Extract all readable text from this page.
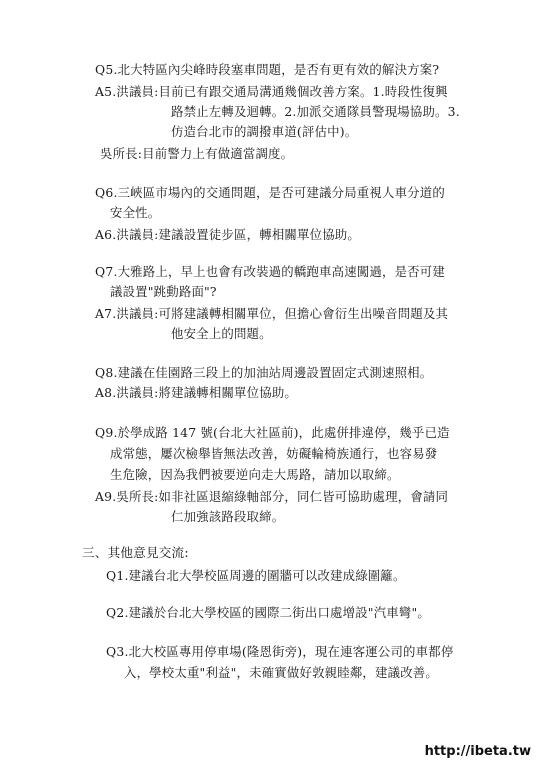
Q5.北大特區內尖峰時段塞車問題，是否有更有效的解決方案?
A5.洪議員:目前已有跟交通局溝通幾個改善方案。1.時段性復興
路禁止左轉及迴轉。2.加派交通隊員警現場協助。3.
仿造台北市的調撥車道(評估中)。
吳所長:目前警力上有做適當調度。
Q6.三峽區市場內的交通問題，是否可建議分局重視人車分道的
安全性。
A6.洪議員:建議設置徒步區，轉相關單位協助。
Q7.大雅路上，早上也會有改裝過的轎跑車高速闖過，是否可建
議設置"跳動路面"?
A7.洪議員:可將建議轉相關單位，但擔心會衍生出噪音問題及其
他安全上的問題。
Q8.建議在佳園路三段上的加油站周邊設置固定式測速照相。
A8.洪議員:將建議轉相關單位協助。
Q9.於學成路 147 號(台北大社區前)，此處併排違停，幾乎已造
成常態，屢次檢舉皆無法改善，妨礙輪椅族通行，也容易發
生危險，因為我們被要逆向走大馬路，請加以取締。
A9.吳所長:如非社區退縮綠軸部分，同仁皆可協助處理，會請同
仁加強該路段取締。
三、其他意見交流:
Q1.建議台北大學校區周邊的圍牆可以改建成綠圍籬。
Q2.建議於台北大學校區的國際二街出口處增設"汽車彎"。
Q3.北大校區專用停車場(隆恩街旁)，現在連客運公司的車都停
入，學校太重"利益"，未確實做好敦親睦鄰，建議改善。
http://ibeta.tw
